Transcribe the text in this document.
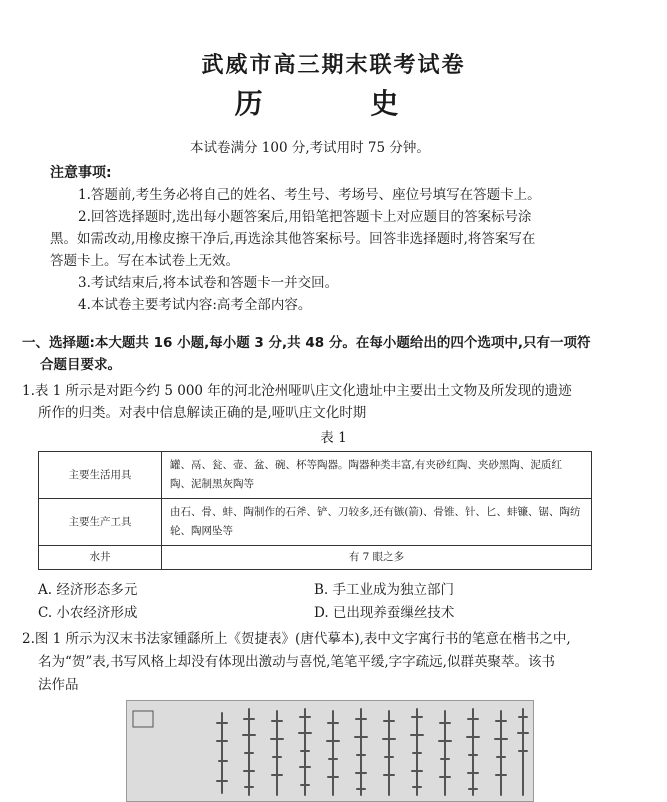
武威市高三期末联考试卷
历 史
本试卷满分 100 分,考试用时 75 分钟。
注意事项:
1.答题前,考生务必将自己的姓名、考生号、考场号、座位号填写在答题卡上。
2.回答选择题时,选出每小题答案后,用铅笔把答题卡上对应题目的答案标号涂
黑。如需改动,用橡皮擦干净后,再选涂其他答案标号。回答非选择题时,将答案写在
答题卡上。写在本试卷上无效。
3.考试结束后,将本试卷和答题卡一并交回。
4.本试卷主要考试内容:高考全部内容。
一、选择题:本大题共 16 小题,每小题 3 分,共 48 分。在每小题给出的四个选项中,只有一项符
合题目要求。
1.表 1 所示是对距今约 5 000 年的河北沧州哑叭庄文化遗址中主要出土文物及所发现的遗迹
所作的归类。对表中信息解读正确的是,哑叭庄文化时期
表 1
主要生活用具	罐、鬲、瓮、壶、盆、碗、杯等陶器。陶器种类丰富,有夹砂红陶、夹砂黑陶、泥质红
陶、泥制黑灰陶等

主要生产工具	由石、骨、蚌、陶制作的石斧、铲、刀较多,还有镞(箭)、骨锥、针、匕、蚌镰、锯、陶纺
轮、陶网坠等

水井	有 7 眼之多
A. 经济形态多元	B. 手工业成为独立部门
C. 小农经济形成	D. 已出现养蚕缫丝技术
2.图 1 所示为汉末书法家锺繇所上《贺捷表》(唐代摹本),表中文字寓行书的笔意在楷书之中,
名为“贺”表,书写风格上却没有体现出激动与喜悦,笔笔平缓,字字疏远,似群英聚萃。该书
法作品
